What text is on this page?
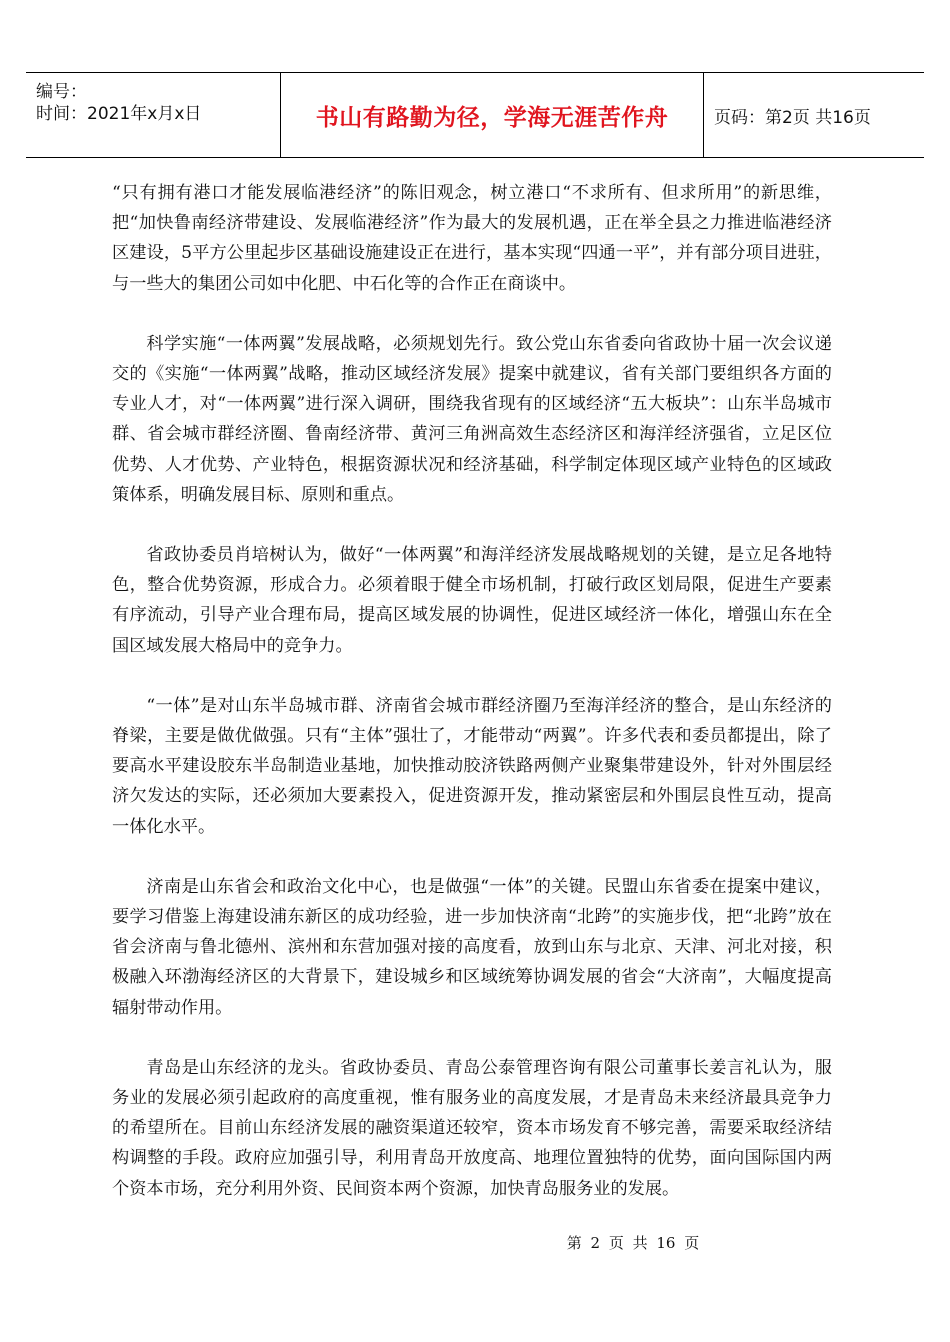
编号：
时间：2021年x月x日	书山有路勤为径，学海无涯苦作舟	页码：第2页 共16页

“只有拥有港口才能发展临港经济”的陈旧观念，树立港口“不求所有、但求所用”的新思维，把“加快鲁南经济带建设、发展临港经济”作为最大的发展机遇，正在举全县之力推进临港经济区建设，5平方公里起步区基础设施建设正在进行，基本实现“四通一平”，并有部分项目进驻，与一些大的集团公司如中化肥、中石化等的合作正在商谈中。

科学实施“一体两翼”发展战略，必须规划先行。致公党山东省委向省政协十届一次会议递交的《实施“一体两翼”战略，推动区域经济发展》提案中就建议，省有关部门要组织各方面的专业人才，对“一体两翼”进行深入调研，围绕我省现有的区域经济“五大板块”：山东半岛城市群、省会城市群经济圈、鲁南经济带、黄河三角洲高效生态经济区和海洋经济强省，立足区位优势、人才优势、产业特色，根据资源状况和经济基础，科学制定体现区域产业特色的区域政策体系，明确发展目标、原则和重点。

省政协委员肖培树认为，做好“一体两翼”和海洋经济发展战略规划的关键，是立足各地特色，整合优势资源，形成合力。必须着眼于健全市场机制，打破行政区划局限，促进生产要素有序流动，引导产业合理布局，提高区域发展的协调性，促进区域经济一体化，增强山东在全国区域发展大格局中的竞争力。

“一体”是对山东半岛城市群、济南省会城市群经济圈乃至海洋经济的整合，是山东经济的脊梁，主要是做优做强。只有“主体”强壮了，才能带动“两翼”。许多代表和委员都提出，除了要高水平建设胶东半岛制造业基地，加快推动胶济铁路两侧产业聚集带建设外，针对外围层经济欠发达的实际，还必须加大要素投入，促进资源开发，推动紧密层和外围层良性互动，提高一体化水平。

济南是山东省会和政治文化中心，也是做强“一体”的关键。民盟山东省委在提案中建议，要学习借鉴上海建设浦东新区的成功经验，进一步加快济南“北跨”的实施步伐，把“北跨”放在省会济南与鲁北德州、滨州和东营加强对接的高度看，放到山东与北京、天津、河北对接，积极融入环渤海经济区的大背景下，建设城乡和区域统筹协调发展的省会“大济南”，大幅度提高辐射带动作用。

青岛是山东经济的龙头。省政协委员、青岛公泰管理咨询有限公司董事长姜言礼认为，服务业的发展必须引起政府的高度重视，惟有服务业的高度发展，才是青岛未来经济最具竞争力的希望所在。目前山东经济发展的融资渠道还较窄，资本市场发育不够完善，需要采取经济结构调整的手段。政府应加强引导，利用青岛开放度高、地理位置独特的优势，面向国际国内两个资本市场，充分利用外资、民间资本两个资源，加快青岛服务业的发展。

第 2 页 共 16 页
